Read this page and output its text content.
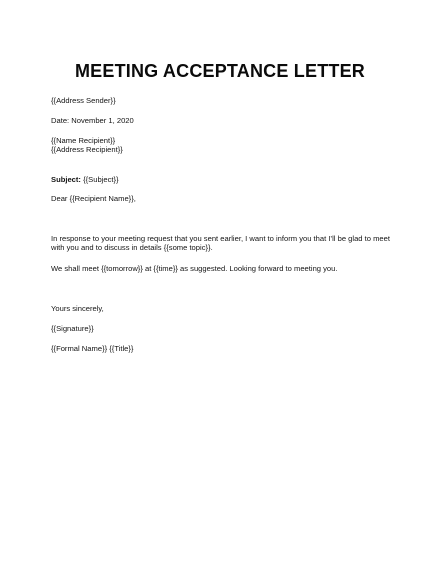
MEETING ACCEPTANCE LETTER
{{Address Sender}}
Date: November 1, 2020
{{Name Recipient}}
{{Address Recipient}}
Subject: {{Subject}}
Dear {{Recipient Name}},
In response to your meeting request that you sent earlier, I want to inform you that I’ll be glad to meet
with you and to discuss in details {{some topic}}.
We shall meet {{tomorrow}} at {{time}} as suggested. Looking forward to meeting you.
Yours sincerely,
{{Signature}}
{{Formal Name}} {{Title}}
